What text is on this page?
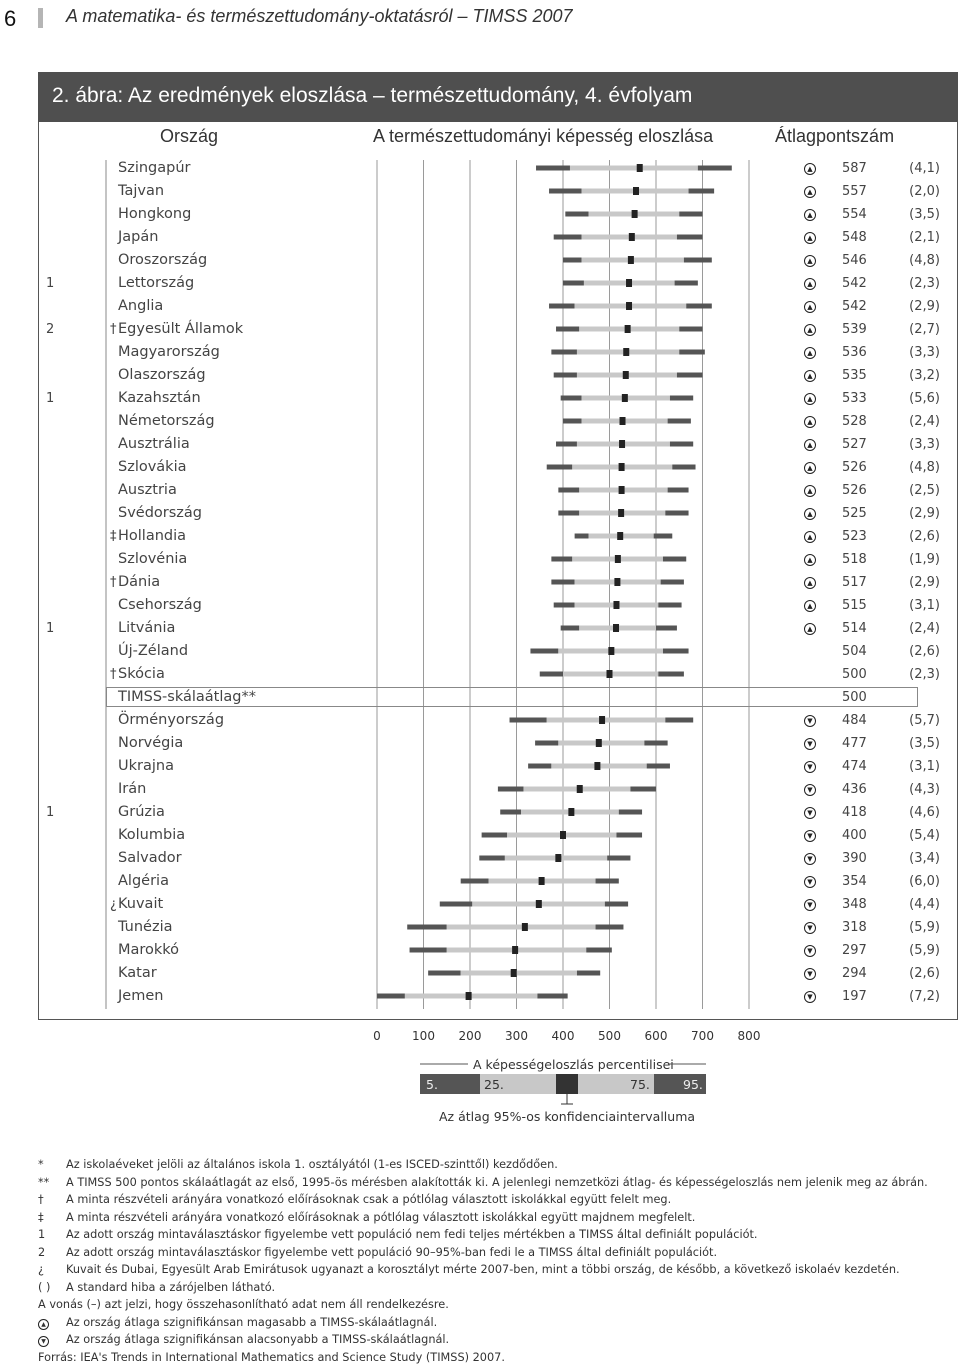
6	A matematika- és természettudomány-oktatásról – TIMSS 2007
2. ábra: Az eredmények eloszlása – természettudomány, 4. évfolyam
Ország	A természettudományi képesség eloszlása	Átlagpontszám
Szingapúr	▲ 587	(4,1)
Tajvan	▲ 557	(2,0)
Hongkong	▲ 554	(3,5)
Japán	▲ 548	(2,1)
Oroszország	▲ 546	(4,8)
1	Lettország	▲ 542	(2,3)
Anglia	▲ 542	(2,9)
2	† Egyesült Államok	▲ 539	(2,7)
Magyarország	▲ 536	(3,3)
Olaszország	▲ 535	(3,2)
1	Kazahsztán	▲ 533	(5,6)
Németország	▲ 528	(2,4)
Ausztrália	▲ 527	(3,3)
Szlovákia	▲ 526	(4,8)
Ausztria	▲ 526	(2,5)
Svédország	▲ 525	(2,9)
‡ Hollandia	▲ 523	(2,6)
Szlovénia	▲ 518	(1,9)
† Dánia	▲ 517	(2,9)
Csehország	▲ 515	(3,1)
1	Litvánia	▲ 514	(2,4)
Új-Zéland	504	(2,6)
† Skócia	500	(2,3)
TIMSS-skálaátlag**	500
Örményország	▼ 484	(5,7)
Norvégia	▼ 477	(3,5)
Ukrajna	▼ 474	(3,1)
Irán	▼ 436	(4,3)
1	Grúzia	▼ 418	(4,6)
Kolumbia	▼ 400	(5,4)
Salvador	▼ 390	(3,4)
Algéria	▼ 354	(6,0)
¿ Kuvait	▼ 348	(4,4)
Tunézia	▼ 318	(5,9)
Marokkó	▼ 297	(5,9)
Katar	▼ 294	(2,6)
Jemen	▼ 197	(7,2)
0	100 200 300 400 500 600 700 800
A képességeloszlás percentilisei
5.	25.	75.	95.
Az átlag 95%-os konfidenciaintervalluma
* Az iskolaéveket jelöli az általános iskola 1. osztályától (1-es ISCED-szinttől) kezdődően.
** A TIMSS 500 pontos skálaátlagát az első, 1995-ös mérésben alakították ki. A jelenlegi nemzetközi átlag- és képességeloszlás nem jelenik meg az ábrán.
† A minta részvételi arányára vonatkozó előírásoknak csak a pótlólag választott iskolákkal együtt felelt meg.
‡ A minta részvételi arányára vonatkozó előírásoknak a pótlólag választott iskolákkal együtt majdnem megfelelt.
1 Az adott ország mintaválasztáskor figyelembe vett populáció nem fedi teljes mértékben a TIMSS által definiált populációt.
2 Az adott ország mintaválasztáskor figyelembe vett populáció 90–95%-ban fedi le a TIMSS által definiált populációt.
¿ Kuvait és Dubai, Egyesült Arab Emirátusok ugyanazt a korosztályt mérte 2007-ben, mint a többi ország, de később, a következő iskolaév kezdetén.
( ) A standard hiba a zárójelben látható.
A vonás (–) azt jelzi, hogy összehasonlítható adat nem áll rendelkezésre.
▲ Az ország átlaga szignifikánsan magasabb a TIMSS-skálaátlagnál.
▼ Az ország átlaga szignifikánsan alacsonyabb a TIMSS-skálaátlagnál.
Forrás: IEA's Trends in International Mathematics and Science Study (TIMSS) 2007.
